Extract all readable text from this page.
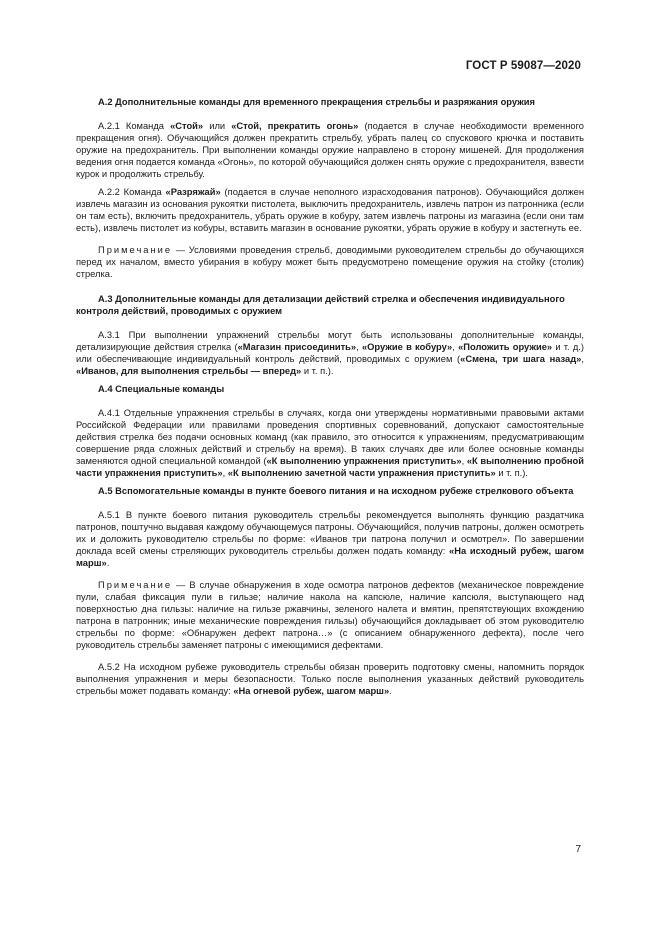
ГОСТ Р 59087—2020

А.2 Дополнительные команды для временного прекращения стрельбы и разряжания оружия

А.2.1 Команда «Стой» или «Стой, прекратить огонь» (подается в случае необходимости временного прекращения огня). Обучающийся должен прекратить стрельбу, убрать палец со спускового крючка и поставить оружие на предохранитель. При выполнении команды оружие направлено в сторону мишеней. Для продолжения ведения огня подается команда «Огонь», по которой обучающийся должен снять оружие с предохранителя, взвести курок и продолжить стрельбу.

А.2.2 Команда «Разряжай» (подается в случае неполного израсходования патронов). Обучающийся должен извлечь магазин из основания рукоятки пистолета, выключить предохранитель, извлечь патрон из патронника (если он там есть), включить предохранитель, убрать оружие в кобуру, затем извлечь патроны из магазина (если они там есть), извлечь пистолет из кобуры, вставить магазин в основание рукоятки, убрать оружие в кобуру и застегнуть ее.

Примечание — Условиями проведения стрельб, доводимыми руководителем стрельбы до обучающихся перед их началом, вместо убирания в кобуру может быть предусмотрено помещение оружия на стойку (столик) стрелка.

А.3 Дополнительные команды для детализации действий стрелка и обеспечения индивидуального контроля действий, проводимых с оружием

А.3.1 При выполнении упражнений стрельбы могут быть использованы дополнительные команды, детализирующие действия стрелка («Магазин присоединить», «Оружие в кобуру», «Положить оружие» и т. д.) или обеспечивающие индивидуальный контроль действий, проводимых с оружием («Смена, три шага назад», «Иванов, для выполнения стрельбы — вперед» и т. п.).

А.4 Специальные команды

А.4.1 Отдельные упражнения стрельбы в случаях, когда они утверждены нормативными правовыми актами Российской Федерации или правилами проведения спортивных соревнований, допускают самостоятельные действия стрелка без подачи основных команд (как правило, это относится к упражнениям, предусматривающим совершение ряда сложных действий и стрельбу на время). В таких случаях две или более основные команды заменяются одной специальной командой («К выполнению упражнения приступить», «К выполнению пробной части упражнения приступить», «К выполнению зачетной части упражнения приступить» и т. п.).

А.5 Вспомогательные команды в пункте боевого питания и на исходном рубеже стрелкового объекта

А.5.1 В пункте боевого питания руководитель стрельбы рекомендуется выполнять функцию раздатчика патронов, поштучно выдавая каждому обучающемуся патроны. Обучающийся, получив патроны, должен осмотреть их и доложить руководителю стрельбы по форме: «Иванов три патрона получил и осмотрел». По завершении доклада всей смены стреляющих руководитель стрельбы должен подать команду: «На исходный рубеж, шагом марш».

Примечание — В случае обнаружения в ходе осмотра патронов дефектов (механическое повреждение пули, слабая фиксация пули в гильзе; наличие накола на капсюле, наличие капсюля, выступающего над поверхностью дна гильзы: наличие на гильзе ржавчины, зеленого налета и вмятин, препятствующих вхождению патрона в патронник; иные механические повреждения гильзы) обучающийся докладывает об этом руководителю стрельбы по форме: «Обнаружен дефект патрона…» (с описанием обнаруженного дефекта), после чего руководитель стрельбы заменяет патроны с имеющимися дефектами.

А.5.2 На исходном рубеже руководитель стрельбы обязан проверить подготовку смены, напомнить порядок выполнения упражнения и меры безопасности. Только после выполнения указанных действий руководитель стрельбы может подавать команду: «На огневой рубеж, шагом марш».

7
